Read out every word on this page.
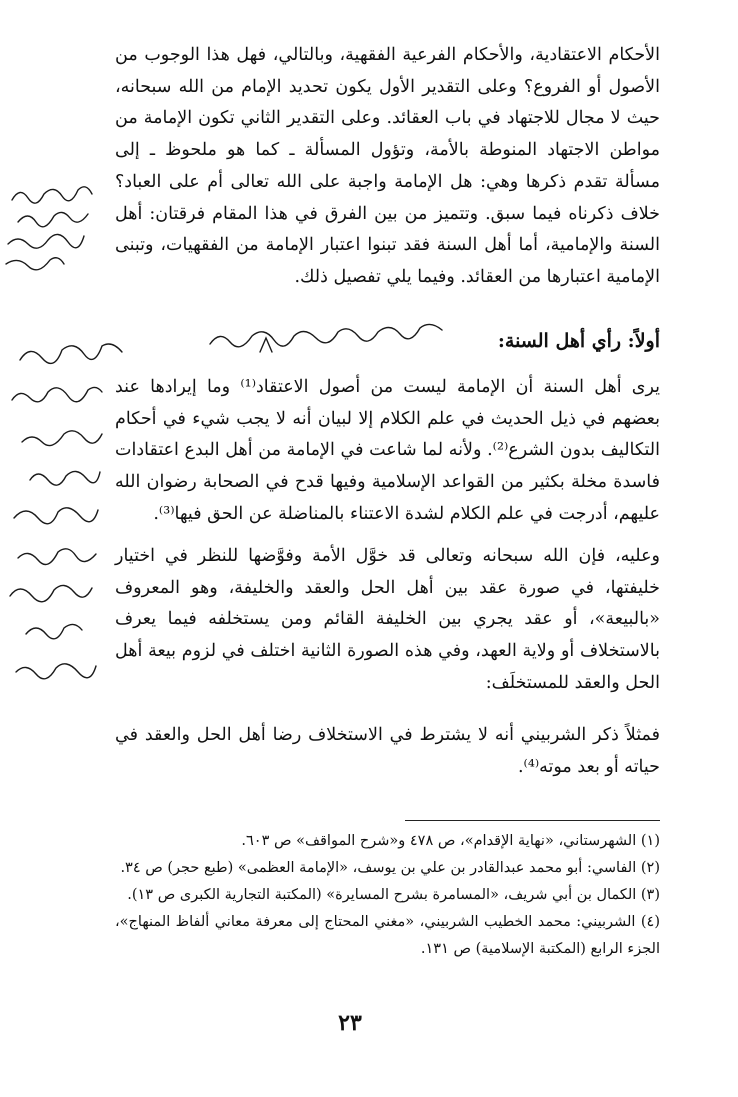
الأحكام الاعتقادية، والأحكام الفرعية الفقهية، وبالتالي، فهل هذا الوجوب من الأصول أو الفروع؟ وعلى التقدير الأول يكون تحديد الإمام من الله سبحانه، حيث لا مجال للاجتهاد في باب العقائد. وعلى التقدير الثاني تكون الإمامة من مواطن الاجتهاد المنوطة بالأمة، وتؤول المسألة ـ كما هو ملحوظ ـ إلى مسألة تقدم ذكرها وهي: هل الإمامة واجبة على الله تعالى أم على العباد؟ خلاف ذكرناه فيما سبق. وتتميز من بين الفرق في هذا المقام فرقتان: أهل السنة والإمامية، أما أهل السنة فقد تبنوا اعتبار الإمامة من الفقهيات، وتبنى الإمامية اعتبارها من العقائد. وفيما يلي تفصيل ذلك.

أولاً: رأي أهل السنة:

يرى أهل السنة أن الإمامة ليست من أصول الاعتقاد⁽¹⁾ وما إيرادها عند بعضهم في ذيل الحديث في علم الكلام إلا لبيان أنه لا يجب شيء في أحكام التكاليف بدون الشرع⁽²⁾. ولأنه لما شاعت في الإمامة من أهل البدع اعتقادات فاسدة مخلة بكثير من القواعد الإسلامية وفيها قدح في الصحابة رضوان الله عليهم، أدرجت في علم الكلام لشدة الاعتناء بالمناضلة عن الحق فيها⁽³⁾.

وعليه، فإن الله سبحانه وتعالى قد خوَّل الأمة وفوَّضها للنظر في اختيار خليفتها، في صورة عقد بين أهل الحل والعقد والخليفة، وهو المعروف «بالبيعة»، أو عقد يجري بين الخليفة القائم ومن يستخلفه فيما يعرف بالاستخلاف أو ولاية العهد، وفي هذه الصورة الثانية اختلف في لزوم بيعة أهل الحل والعقد للمستخلَف:

فمثلاً ذكر الشربيني أنه لا يشترط في الاستخلاف رضا أهل الحل والعقد في حياته أو بعد موته⁽⁴⁾.

(١) الشهرستاني، «نهاية الإقدام»، ص ٤٧٨ و«شرح المواقف» ص ٦٠٣.

(٢) الفاسي: أبو محمد عبدالقادر بن علي بن يوسف، «الإمامة العظمى» (طبع حجر) ص ٣٤.

(٣) الكمال بن أبي شريف، «المسامرة بشرح المسايرة» (المكتبة التجارية الكبرى ص ١٣).

(٤) الشربيني: محمد الخطيب الشربيني، «مغني المحتاج إلى معرفة معاني ألفاظ المنهاج»، الجزء الرابع (المكتبة الإسلامية) ص ١٣١.

٢٣
